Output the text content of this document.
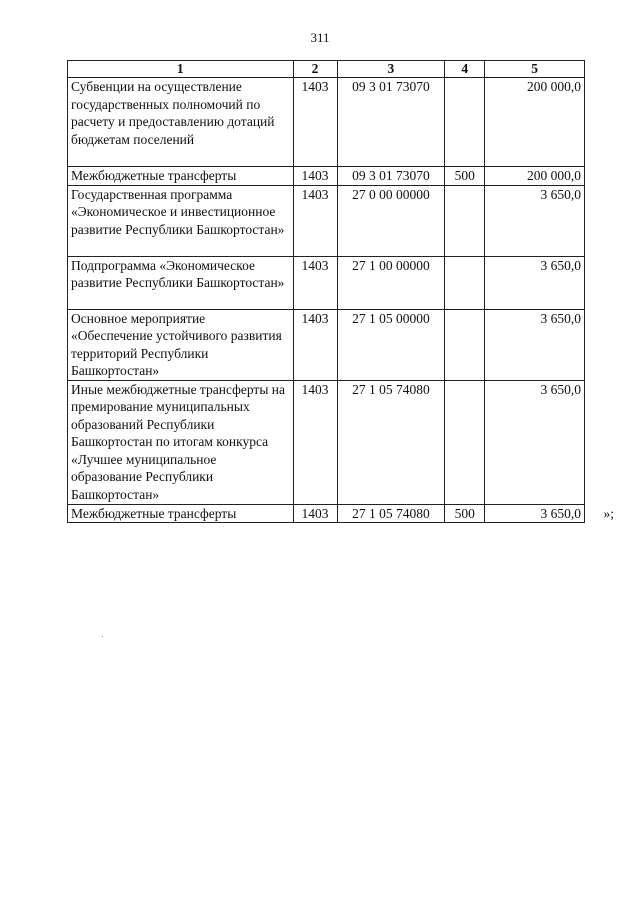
311
1	2	3	4	5
Субвенции на осуществление государственных полномочий по расчету и предоставлению дотаций бюджетам поселений	1403	09 3 01 73070		200 000,0
Межбюджетные трансферты	1403	09 3 01 73070	500	200 000,0
Государственная программа «Экономическое и инвестиционное развитие Республики Башкортостан»	1403	27 0 00 00000		3 650,0
Подпрограмма «Экономическое развитие Республики Башкортостан»	1403	27 1 00 00000		3 650,0
Основное мероприятие «Обеспечение устойчивого развития территорий Республики Башкортостан»	1403	27 1 05 00000		3 650,0
Иные межбюджетные трансферты на премирование муниципальных образований Республики Башкортостан по итогам конкурса «Лучшее муниципальное образование Республики Башкортостан»	1403	27 1 05 74080		3 650,0
Межбюджетные трансферты	1403	27 1 05 74080	500	3 650,0 »;
